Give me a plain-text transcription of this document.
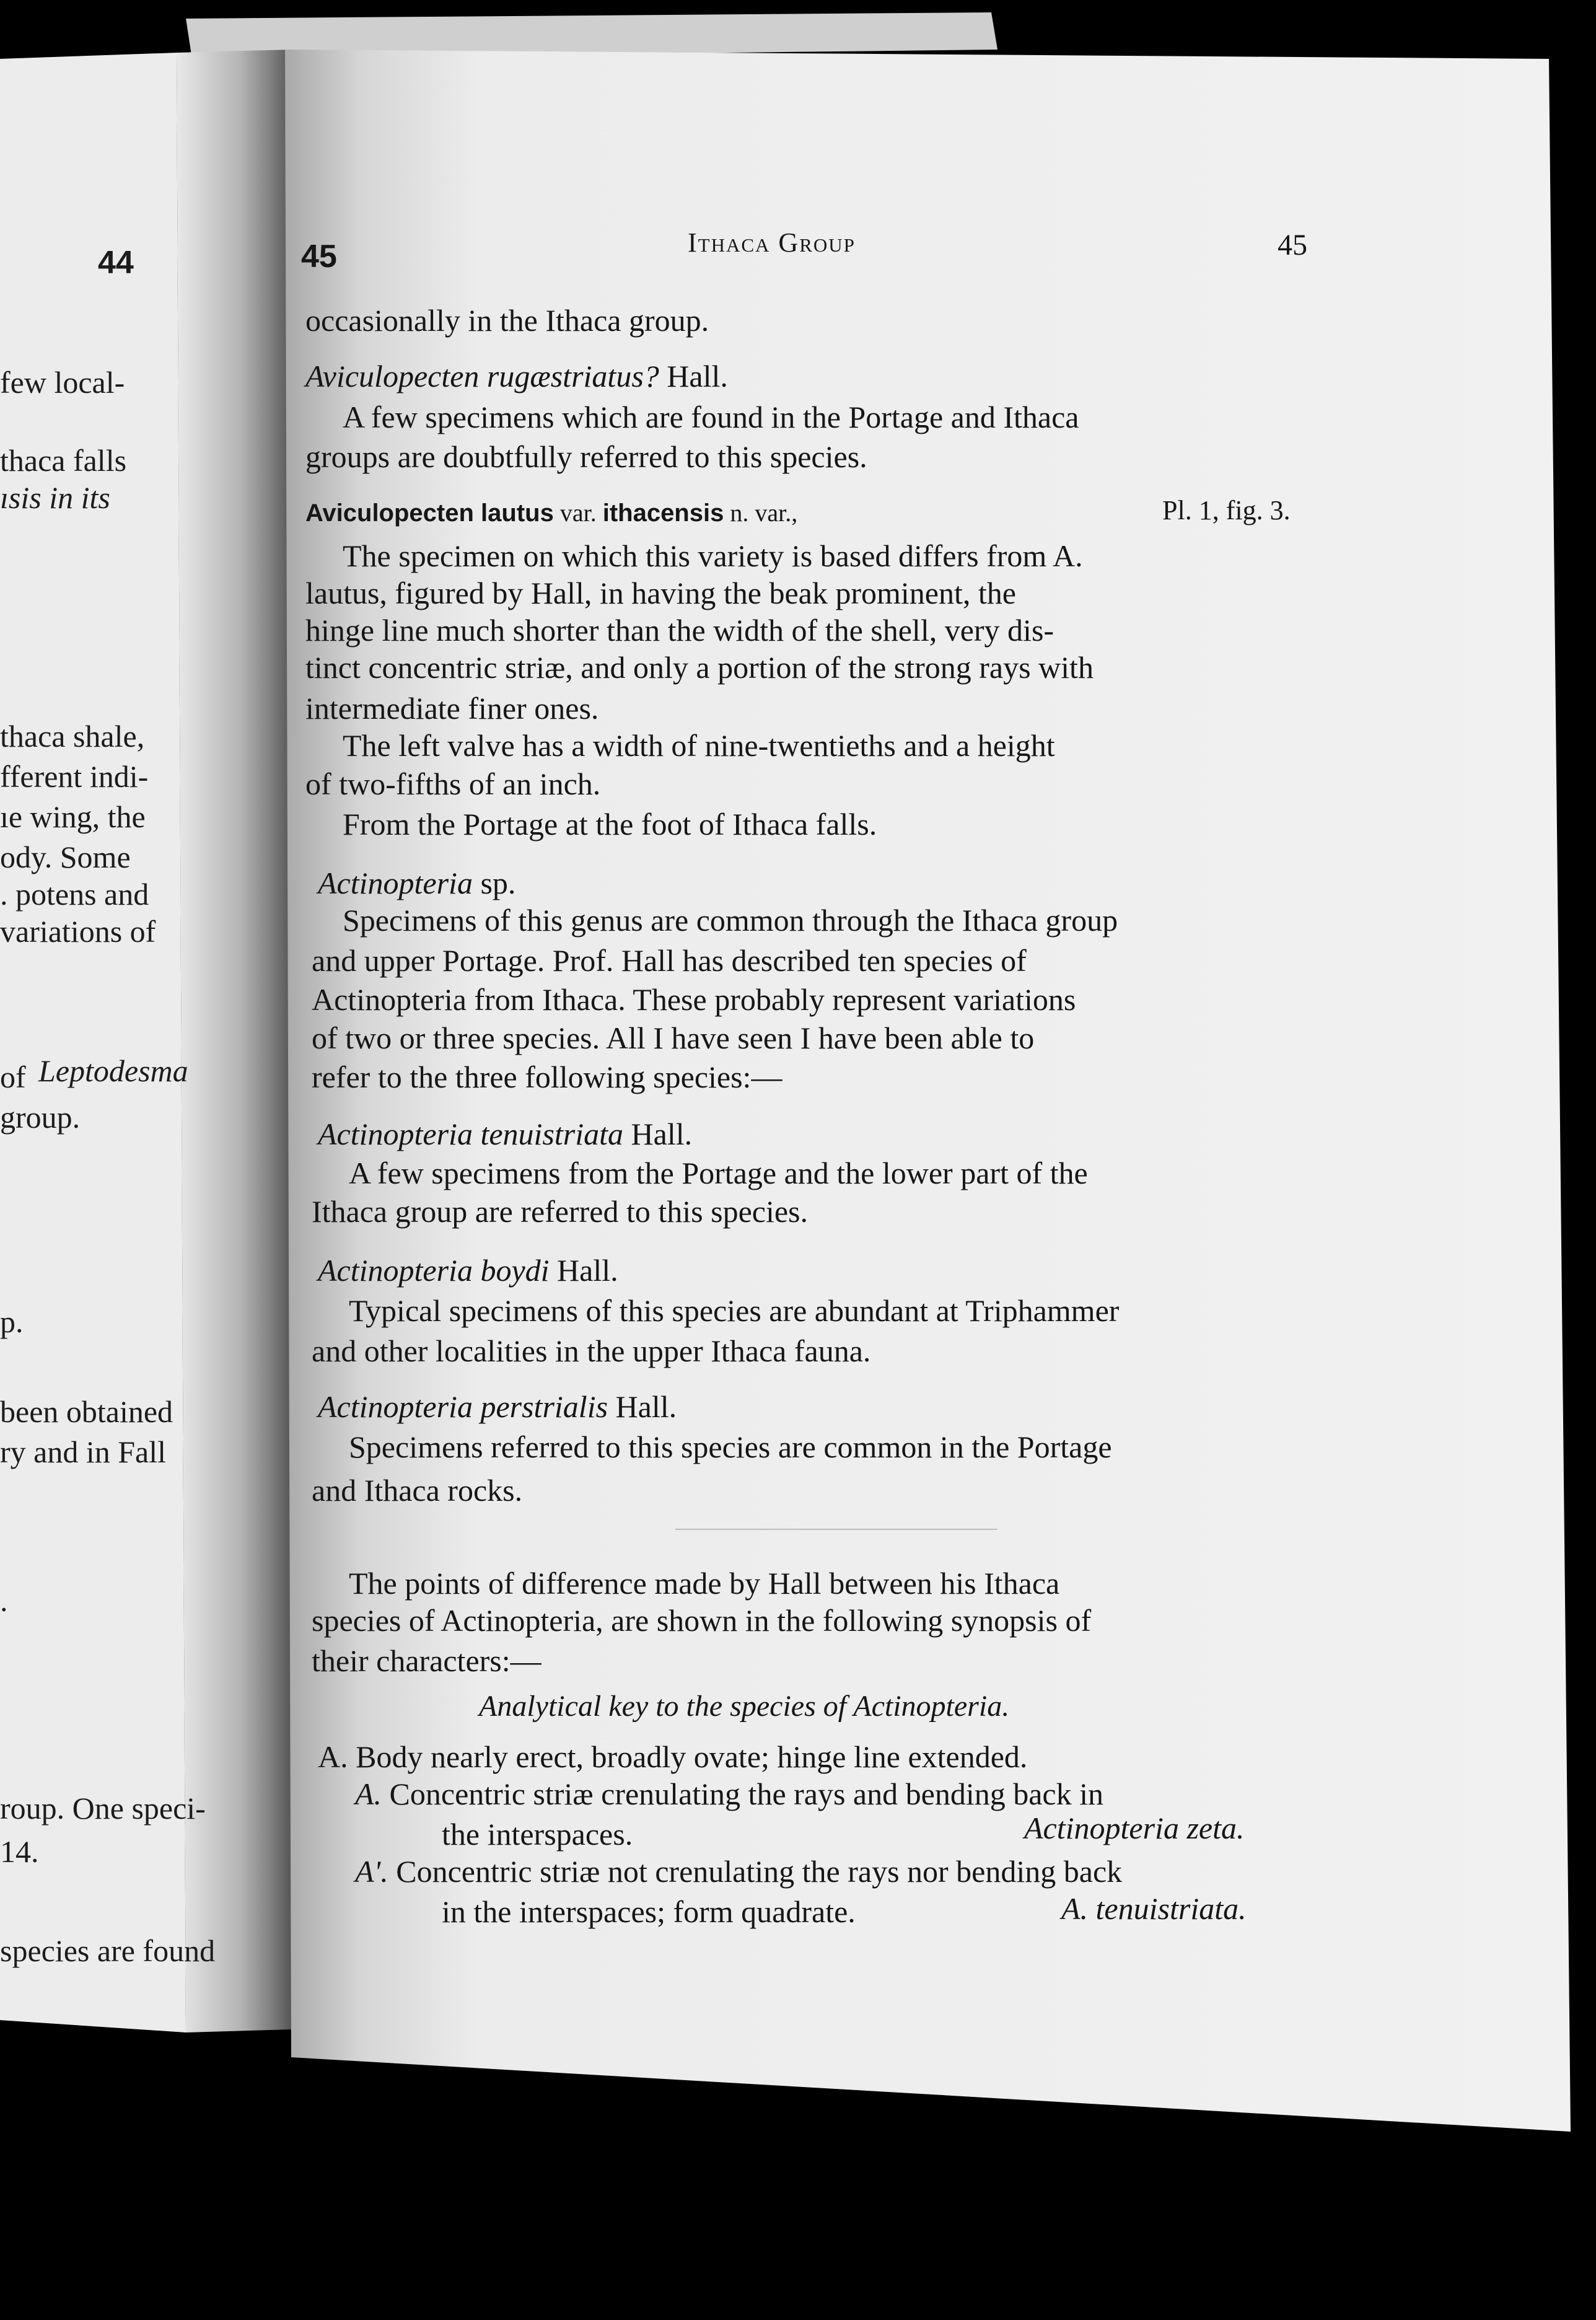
44
few local-
thaca falls
ısis in its
thaca shale,
fferent indi-
ıe wing, the
ody. Some
. potens and
variations of
of Leptodesma
group.
p.
been obtained
ry and in Fall
.
roup. One speci-
14.
species are found
45	Ithaca Group	45
occasionally in the Ithaca group.
Aviculopecten rugæstriatus? Hall.
A few specimens which are found in the Portage and Ithaca
groups are doubtfully referred to this species.
Aviculopecten lautus var. ithacensis n. var.,	Pl. 1, fig. 3.
The specimen on which this variety is based differs from A.
lautus, figured by Hall, in having the beak prominent, the
hinge line much shorter than the width of the shell, very dis-
tinct concentric striæ, and only a portion of the strong rays with
intermediate finer ones.
The left valve has a width of nine-twentieths and a height
of two-fifths of an inch.
From the Portage at the foot of Ithaca falls.
Actinopteria sp.
Specimens of this genus are common through the Ithaca group
and upper Portage. Prof. Hall has described ten species of
Actinopteria from Ithaca. These probably represent variations
of two or three species. All I have seen I have been able to
refer to the three following species:—
Actinopteria tenuistriata Hall.
A few specimens from the Portage and the lower part of the
Ithaca group are referred to this species.
Actinopteria boydi Hall.
Typical specimens of this species are abundant at Triphammer
and other localities in the upper Ithaca fauna.
Actinopteria perstrialis Hall.
Specimens referred to this species are common in the Portage
and Ithaca rocks.
The points of difference made by Hall between his Ithaca
species of Actinopteria, are shown in the following synopsis of
their characters:—
Analytical key to the species of Actinopteria.
A. Body nearly erect, broadly ovate; hinge line extended.
A. Concentric striæ crenulating the rays and bending back in
the interspaces.	Actinopteria zeta.
A'. Concentric striæ not crenulating the rays nor bending back
in the interspaces; form quadrate.	A. tenuistriata.
